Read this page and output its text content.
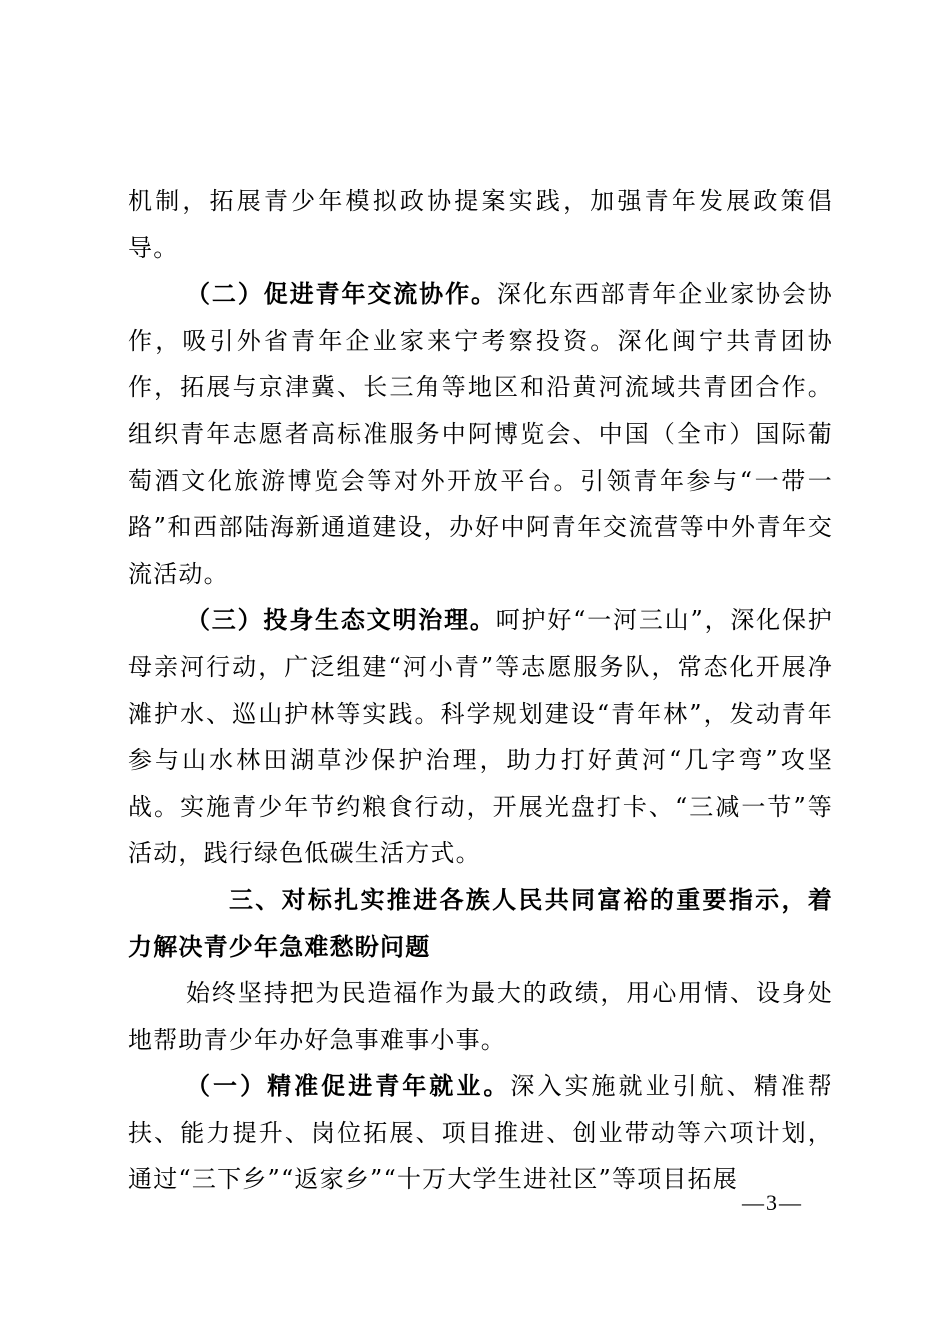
机制，拓展青少年模拟政协提案实践，加强青年发展政策倡导。

（二）促进青年交流协作。深化东西部青年企业家协会协作，吸引外省青年企业家来宁考察投资。深化闽宁共青团协作，拓展与京津冀、长三角等地区和沿黄河流域共青团合作。组织青年志愿者高标准服务中阿博览会、中国（全市）国际葡萄酒文化旅游博览会等对外开放平台。引领青年参与“一带一路”和西部陆海新通道建设，办好中阿青年交流营等中外青年交流活动。

（三）投身生态文明治理。呵护好“一河三山”，深化保护母亲河行动，广泛组建“河小青”等志愿服务队，常态化开展净滩护水、巡山护林等实践。科学规划建设“青年林”，发动青年参与山水林田湖草沙保护治理，助力打好黄河“几字弯”攻坚战。实施青少年节约粮食行动，开展光盘打卡、“三减一节”等活动，践行绿色低碳生活方式。

三、对标扎实推进各族人民共同富裕的重要指示，着力解决青少年急难愁盼问题

始终坚持把为民造福作为最大的政绩，用心用情、设身处地帮助青少年办好急事难事小事。

（一）精准促进青年就业。深入实施就业引航、精准帮扶、能力提升、岗位拓展、项目推进、创业带动等六项计划，通过“三下乡”“返家乡”“十万大学生进社区”等项目拓展

—3—
